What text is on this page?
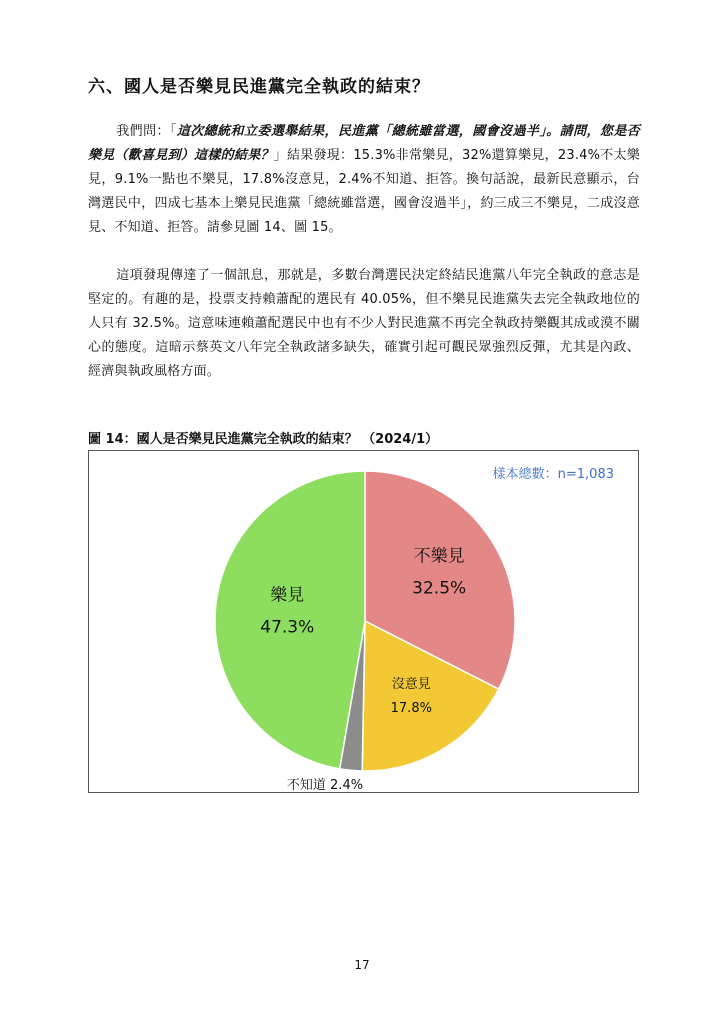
六、國人是否樂見民進黨完全執政的結束？
我們問：「這次總統和立委選舉結果，民進黨「總統雖當選，國會沒過半」。請問，您是否樂見（歡喜見到）這樣的結果？」結果發現：15.3%非常樂見，32%還算樂見，23.4%不太樂見，9.1%一點也不樂見，17.8%沒意見，2.4%不知道、拒答。換句話說，最新民意顯示，台灣選民中，四成七基本上樂見民進黨「總統雖當選，國會沒過半」，約三成三不樂見，二成沒意見、不知道、拒答。請參見圖 14、圖 15。
這項發現傳達了一個訊息，那就是，多數台灣選民決定終結民進黨八年完全執政的意志是堅定的。有趣的是，投票支持賴蕭配的選民有 40.05%，但不樂見民進黨失去完全執政地位的人只有 32.5%。這意味連賴蕭配選民中也有不少人對民進黨不再完全執政持樂觀其成或漠不關心的態度。這暗示蔡英文八年完全執政諸多缺失，確實引起可觀民眾強烈反彈，尤其是內政、經濟與執政風格方面。
圖 14：國人是否樂見民進黨完全執政的結束？ （2024/1）
樣本總數：n=1,083
不樂見
32.5%
沒意見
17.8%
不知道 2.4%
樂見
47.3%
17
